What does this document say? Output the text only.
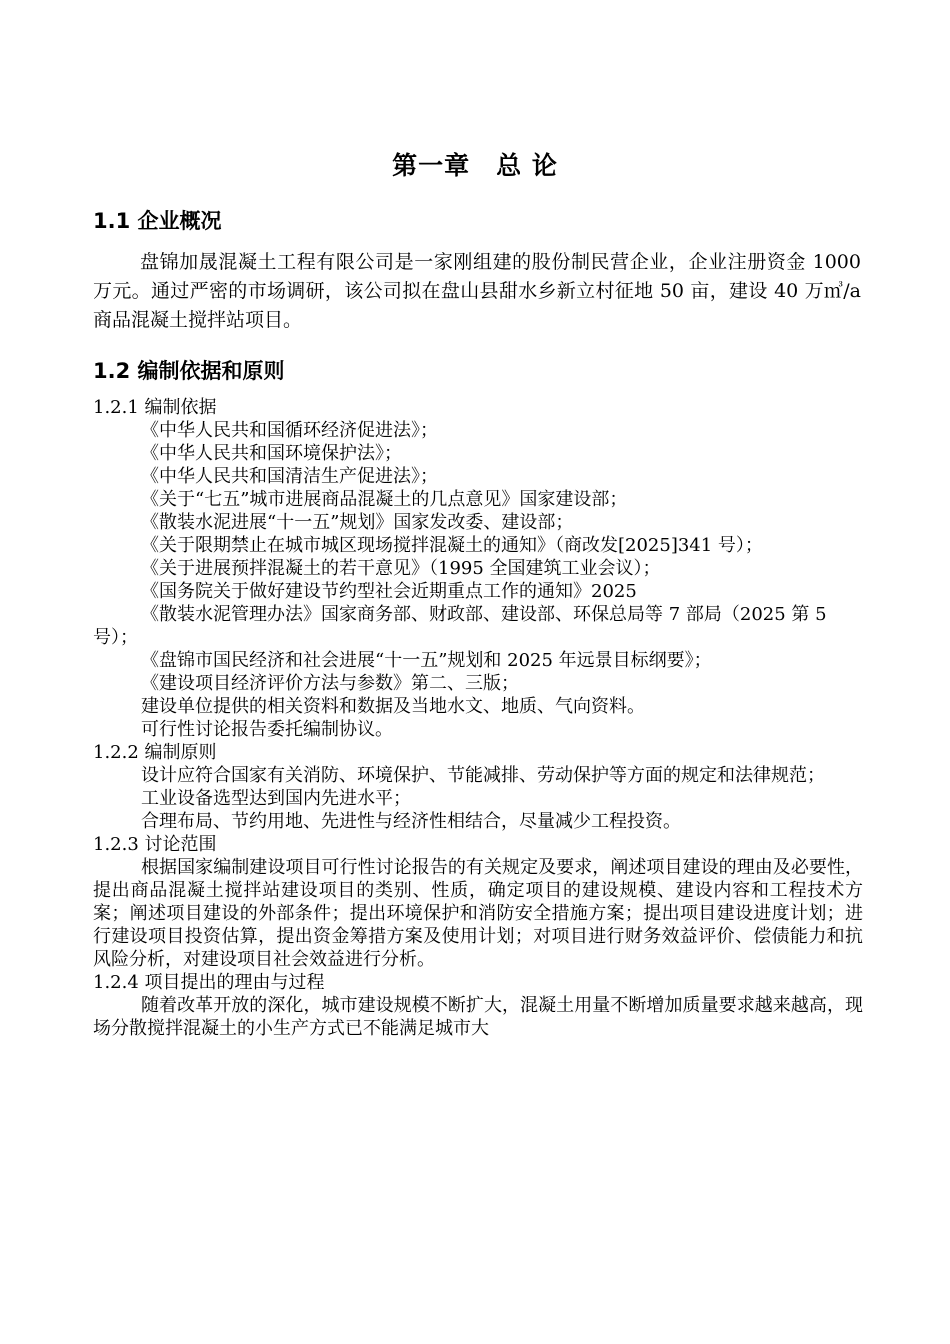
第一章　总 论
1.1 企业概况
盘锦加晟混凝土工程有限公司是一家刚组建的股份制民营企业，企业注册资金 1000 万元。通过严密的市场调研，该公司拟在盘山县甜水乡新立村征地 50 亩，建设 40 万㎥/a 商品混凝土搅拌站项目。
1.2 编制依据和原则
1.2.1 编制依据
《中华人民共和国循环经济促进法》；
《中华人民共和国环境保护法》；
《中华人民共和国清洁生产促进法》；
《关于“七五”城市进展商品混凝土的几点意见》国家建设部；
《散装水泥进展“十一五”规划》国家发改委、建设部；
《关于限期禁止在城市城区现场搅拌混凝土的通知》（商改发[2025]341 号）；
《关于进展预拌混凝土的若干意见》（1995 全国建筑工业会议）；
《国务院关于做好建设节约型社会近期重点工作的通知》2025
《散装水泥管理办法》国家商务部、财政部、建设部、环保总局等 7 部局（2025 第 5 号）；
《盘锦市国民经济和社会进展“十一五”规划和 2025 年远景目标纲要》；
《建设项目经济评价方法与参数》第二、三版；
建设单位提供的相关资料和数据及当地水文、地质、气向资料。
可行性讨论报告委托编制协议。
1.2.2 编制原则
设计应符合国家有关消防、环境保护、节能减排、劳动保护等方面的规定和法律规范；
工业设备选型达到国内先进水平；
合理布局、节约用地、先进性与经济性相结合，尽量减少工程投资。
1.2.3 讨论范围
根据国家编制建设项目可行性讨论报告的有关规定及要求，阐述项目建设的理由及必要性，提出商品混凝土搅拌站建设项目的类别、性质，确定项目的建设规模、建设内容和工程技术方案；阐述项目建设的外部条件；提出环境保护和消防安全措施方案；提出项目建设进度计划；进行建设项目投资估算，提出资金筹措方案及使用计划；对项目进行财务效益评价、偿债能力和抗风险分析，对建设项目社会效益进行分析。
1.2.4 项目提出的理由与过程
随着改革开放的深化，城市建设规模不断扩大，混凝土用量不断增加质量要求越来越高，现场分散搅拌混凝土的小生产方式已不能满足城市大
